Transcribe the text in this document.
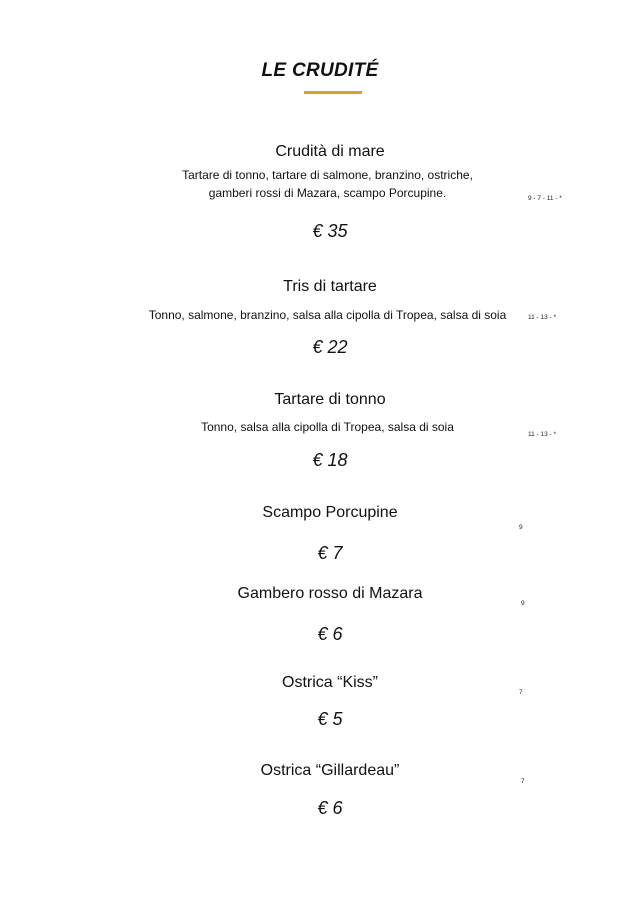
LE CRUDITÉ
Crudità di mare
Tartare di tonno, tartare di salmone, branzino, ostriche,
gamberi rossi di Mazara, scampo Porcupine.	9 - 7 - 11 - *
€ 35
Tris di tartare
Tonno, salmone, branzino, salsa alla cipolla di Tropea, salsa di soia	11 - 13 - *
€ 22
Tartare di tonno
Tonno, salsa alla cipolla di Tropea, salsa di soia
11 - 13 - *
€ 18
Scampo Porcupine
9
€ 7
Gambero rosso di Mazara
9
€ 6
Ostrica “Kiss”
7
€ 5
Ostrica “Gillardeau”
7
€ 6
